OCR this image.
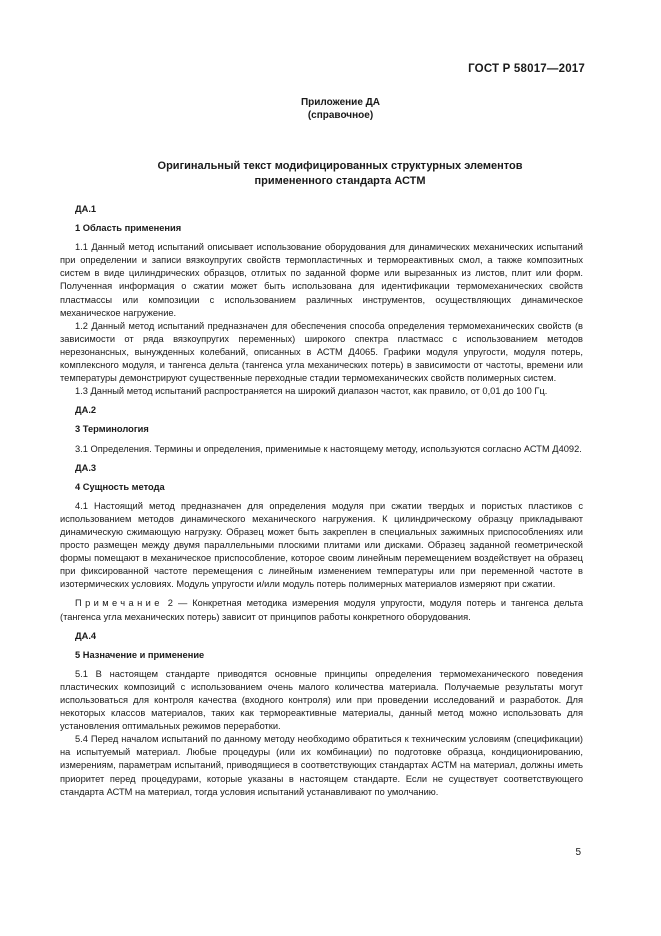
ГОСТ Р 58017—2017
Приложение ДА
(справочное)
Оригинальный текст модифицированных структурных элементов
примененного стандарта АСТМ
ДА.1
1 Область применения

1.1 Данный метод испытаний описывает использование оборудования для динамических механических испытаний при определении и записи вязкоупругих свойств термопластичных и термореактивных смол, а также композитных систем в виде цилиндрических образцов, отлитых по заданной форме или вырезанных из листов, плит или форм. Полученная информация о сжатии может быть использована для идентификации термомеханических свойств пластмассы или композиции с использованием различных инструментов, осуществляющих динамическое механическое нагружение.

1.2 Данный метод испытаний предназначен для обеспечения способа определения термомеханических свойств (в зависимости от ряда вязкоупругих переменных) широкого спектра пластмасс с использованием методов нерезонансных, вынужденных колебаний, описанных в АСТМ Д4065. Графики модуля упругости, модуля потерь, комплексного модуля, и тангенса дельта (тангенса угла механических потерь) в зависимости от частоты, времени или температуры демонстрируют существенные переходные стадии термомеханических свойств полимерных систем.

1.3 Данный метод испытаний распространяется на широкий диапазон частот, как правило, от 0,01 до 100 Гц.

ДА.2
3 Терминология

3.1 Определения. Термины и определения, применимые к настоящему методу, используются согласно АСТМ Д4092.

ДА.3
4 Сущность метода

4.1 Настоящий метод предназначен для определения модуля при сжатии твердых и пористых пластиков с использованием методов динамического механического нагружения. К цилиндрическому образцу прикладывают динамическую сжимающую нагрузку. Образец может быть закреплен в специальных зажимных приспособлениях или просто размещен между двумя параллельными плоскими плитами или дисками. Образец заданной геометрической формы помещают в механическое приспособление, которое своим линейным перемещением воздействует на образец при фиксированной частоте перемещения с линейным изменением температуры или при переменной частоте в изотермических условиях. Модуль упругости и/или модуль потерь полимерных материалов измеряют при сжатии.

Примечание 2 — Конкретная методика измерения модуля упругости, модуля потерь и тангенса дельта (тангенса угла механических потерь) зависит от принципов работы конкретного оборудования.

ДА.4
5 Назначение и применение

5.1 В настоящем стандарте приводятся основные принципы определения термомеханического поведения пластических композиций с использованием очень малого количества материала. Получаемые результаты могут использоваться для контроля качества (входного контроля) или при проведении исследований и разработок. Для некоторых классов материалов, таких как термореактивные материалы, данный метод можно использовать для установления оптимальных режимов переработки.

5.4 Перед началом испытаний по данному методу необходимо обратиться к техническим условиям (спецификации) на испытуемый материал. Любые процедуры (или их комбинации) по подготовке образца, кондиционированию, измерениям, параметрам испытаний, приводящиеся в соответствующих стандартах АСТМ на материал, должны иметь приоритет перед процедурами, которые указаны в настоящем стандарте. Если не существует соответствующего стандарта АСТМ на материал, тогда условия испытаний устанавливают по умолчанию.

5
